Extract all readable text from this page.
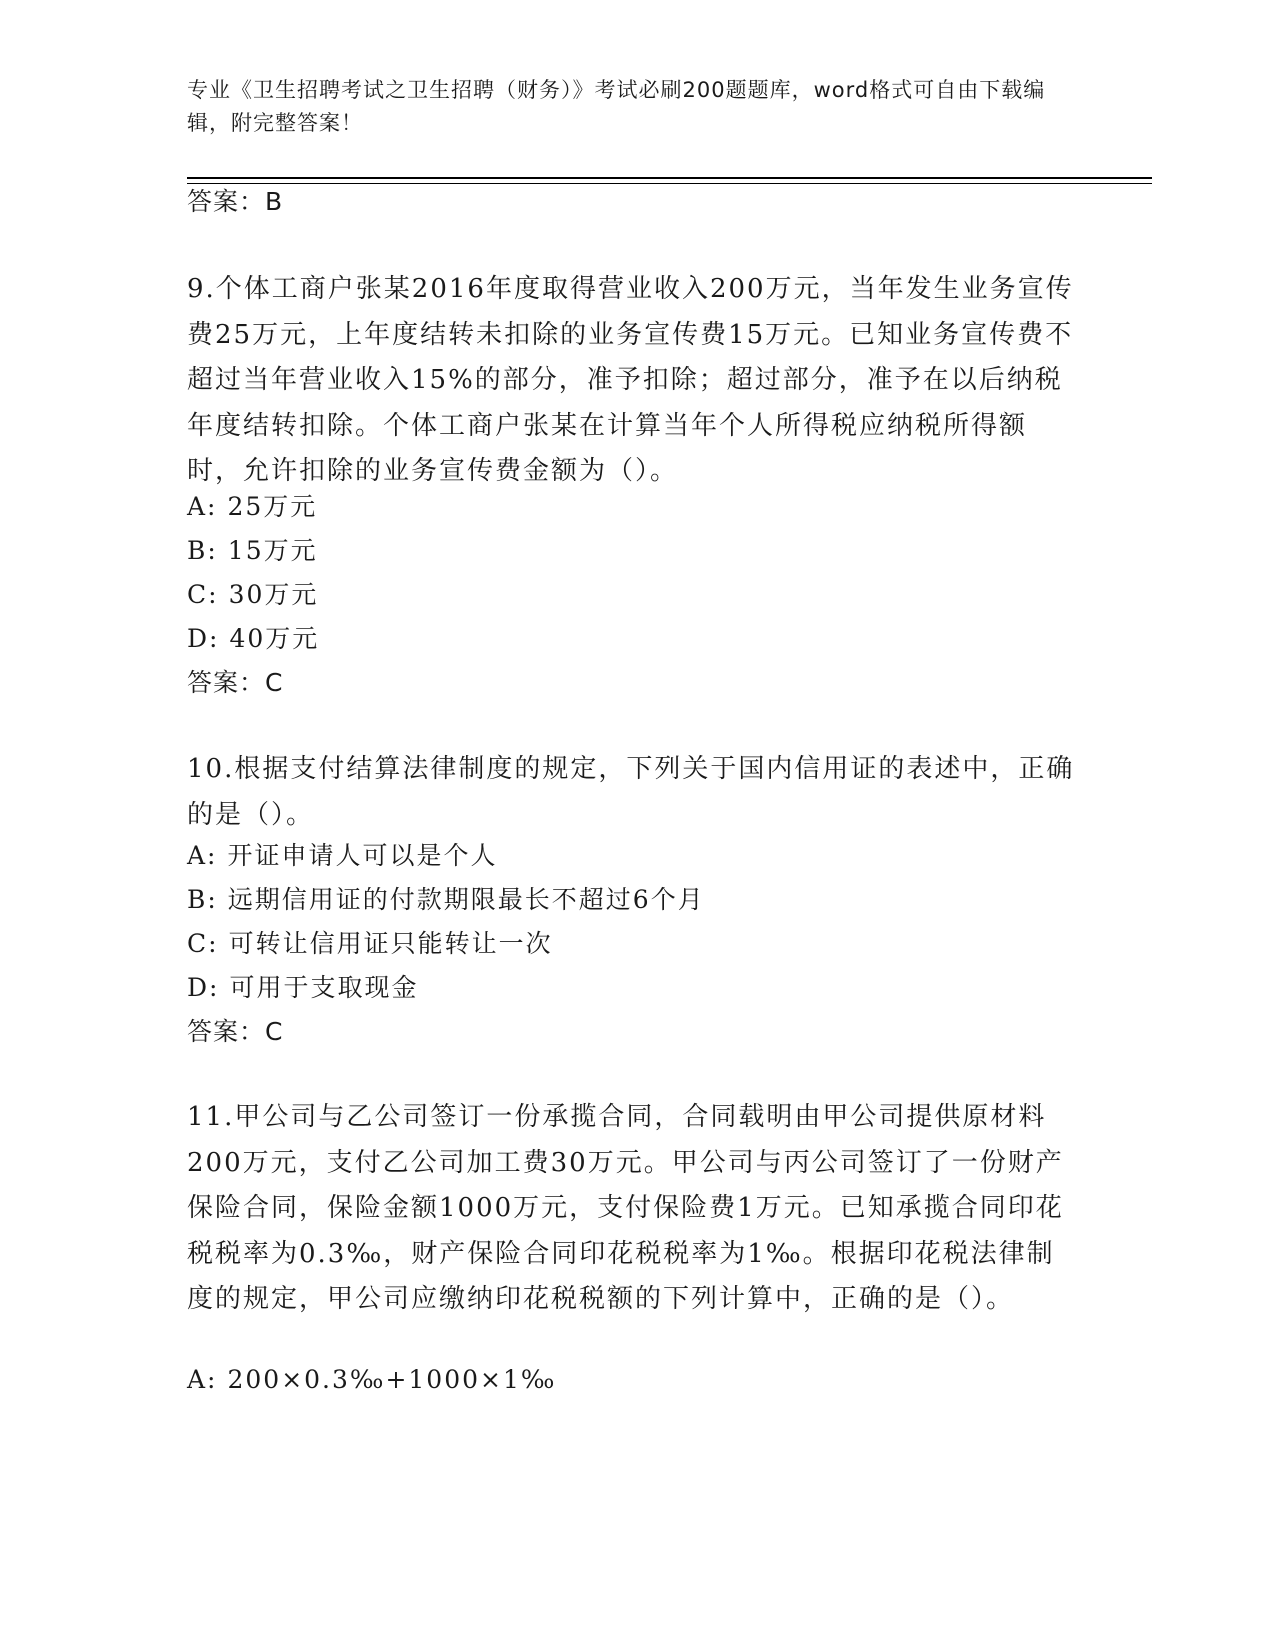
专业《卫生招聘考试之卫生招聘（财务）》考试必刷200题题库，word格式可自由下载编辑，附完整答案！
答案：B
9.个体工商户张某2016年度取得营业收入200万元，当年发生业务宣传费25万元，上年度结转未扣除的业务宣传费15万元。已知业务宣传费不超过当年营业收入15%的部分，准予扣除；超过部分，准予在以后纳税年度结转扣除。个体工商户张某在计算当年个人所得税应纳税所得额时，允许扣除的业务宣传费金额为（）。
A: 25万元
B: 15万元
C: 30万元
D: 40万元
答案：C
10.根据支付结算法律制度的规定，下列关于国内信用证的表述中，正确的是（）。
A: 开证申请人可以是个人
B: 远期信用证的付款期限最长不超过6个月
C: 可转让信用证只能转让一次
D: 可用于支取现金
答案：C
11.甲公司与乙公司签订一份承揽合同，合同载明由甲公司提供原材料200万元，支付乙公司加工费30万元。甲公司与丙公司签订了一份财产保险合同，保险金额1000万元，支付保险费1万元。已知承揽合同印花税税率为0.3‰，财产保险合同印花税税率为1‰。根据印花税法律制度的规定，甲公司应缴纳印花税税额的下列计算中，正确的是（）。
A: 200×0.3‰+1000×1‰
